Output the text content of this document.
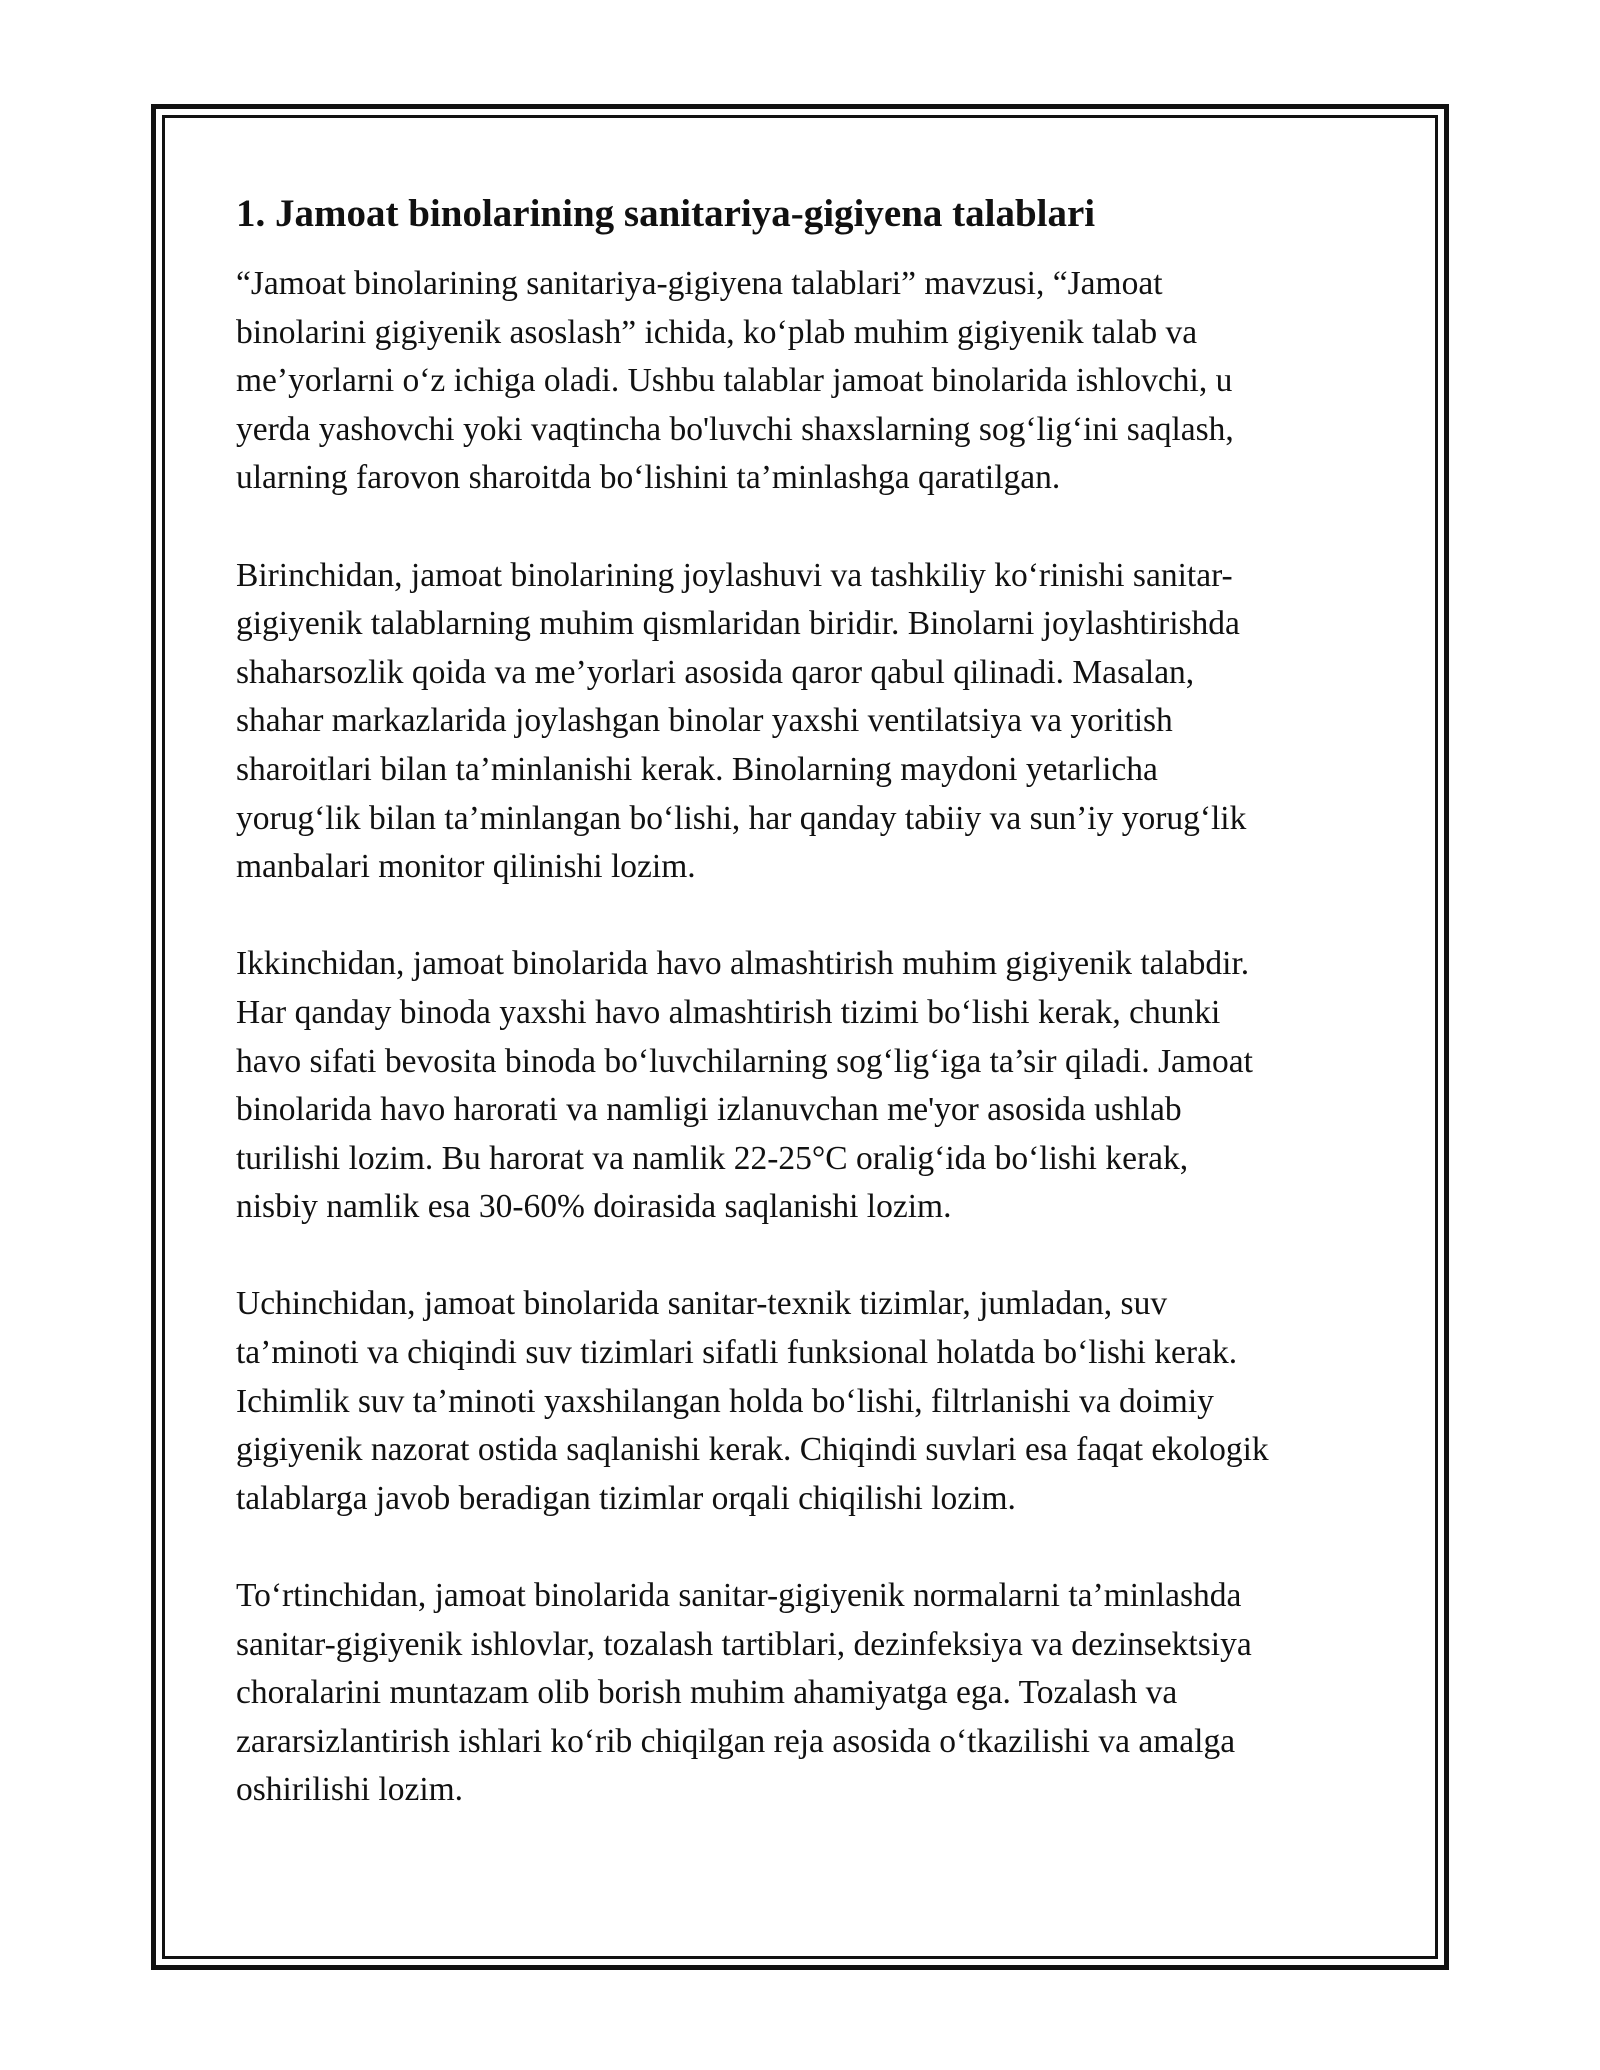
1. Jamoat binolarining sanitariya-gigiyena talablari

“Jamoat binolarining sanitariya-gigiyena talablari” mavzusi, “Jamoat
binolarini gigiyenik asoslash” ichida, ko‘plab muhim gigiyenik talab va
me’yorlarni o‘z ichiga oladi. Ushbu talablar jamoat binolarida ishlovchi, u
yerda yashovchi yoki vaqtincha bo'luvchi shaxslarning sog‘lig‘ini saqlash,
ularning farovon sharoitda bo‘lishini ta’minlashga qaratilgan.

Birinchidan, jamoat binolarining joylashuvi va tashkiliy ko‘rinishi sanitar-
gigiyenik talablarning muhim qismlaridan biridir. Binolarni joylashtirishda
shaharsozlik qoida va me’yorlari asosida qaror qabul qilinadi. Masalan,
shahar markazlarida joylashgan binolar yaxshi ventilatsiya va yoritish
sharoitlari bilan ta’minlanishi kerak. Binolarning maydoni yetarlicha
yorug‘lik bilan ta’minlangan bo‘lishi, har qanday tabiiy va sun’iy yorug‘lik
manbalari monitor qilinishi lozim.

Ikkinchidan, jamoat binolarida havo almashtirish muhim gigiyenik talabdir.
Har qanday binoda yaxshi havo almashtirish tizimi bo‘lishi kerak, chunki
havo sifati bevosita binoda bo‘luvchilarning sog‘lig‘iga ta’sir qiladi. Jamoat
binolarida havo harorati va namligi izlanuvchan me'yor asosida ushlab
turilishi lozim. Bu harorat va namlik 22-25°C oralig‘ida bo‘lishi kerak,
nisbiy namlik esa 30-60% doirasida saqlanishi lozim.

Uchinchidan, jamoat binolarida sanitar-texnik tizimlar, jumladan, suv
ta’minoti va chiqindi suv tizimlari sifatli funksional holatda bo‘lishi kerak.
Ichimlik suv ta’minoti yaxshilangan holda bo‘lishi, filtrlanishi va doimiy
gigiyenik nazorat ostida saqlanishi kerak. Chiqindi suvlari esa faqat ekologik
talablarga javob beradigan tizimlar orqali chiqilishi lozim.

To‘rtinchidan, jamoat binolarida sanitar-gigiyenik normalarni ta’minlashda
sanitar-gigiyenik ishlovlar, tozalash tartiblari, dezinfeksiya va dezinsektsiya
choralarini muntazam olib borish muhim ahamiyatga ega. Tozalash va
zararsizlantirish ishlari ko‘rib chiqilgan reja asosida o‘tkazilishi va amalga
oshirilishi lozim.
